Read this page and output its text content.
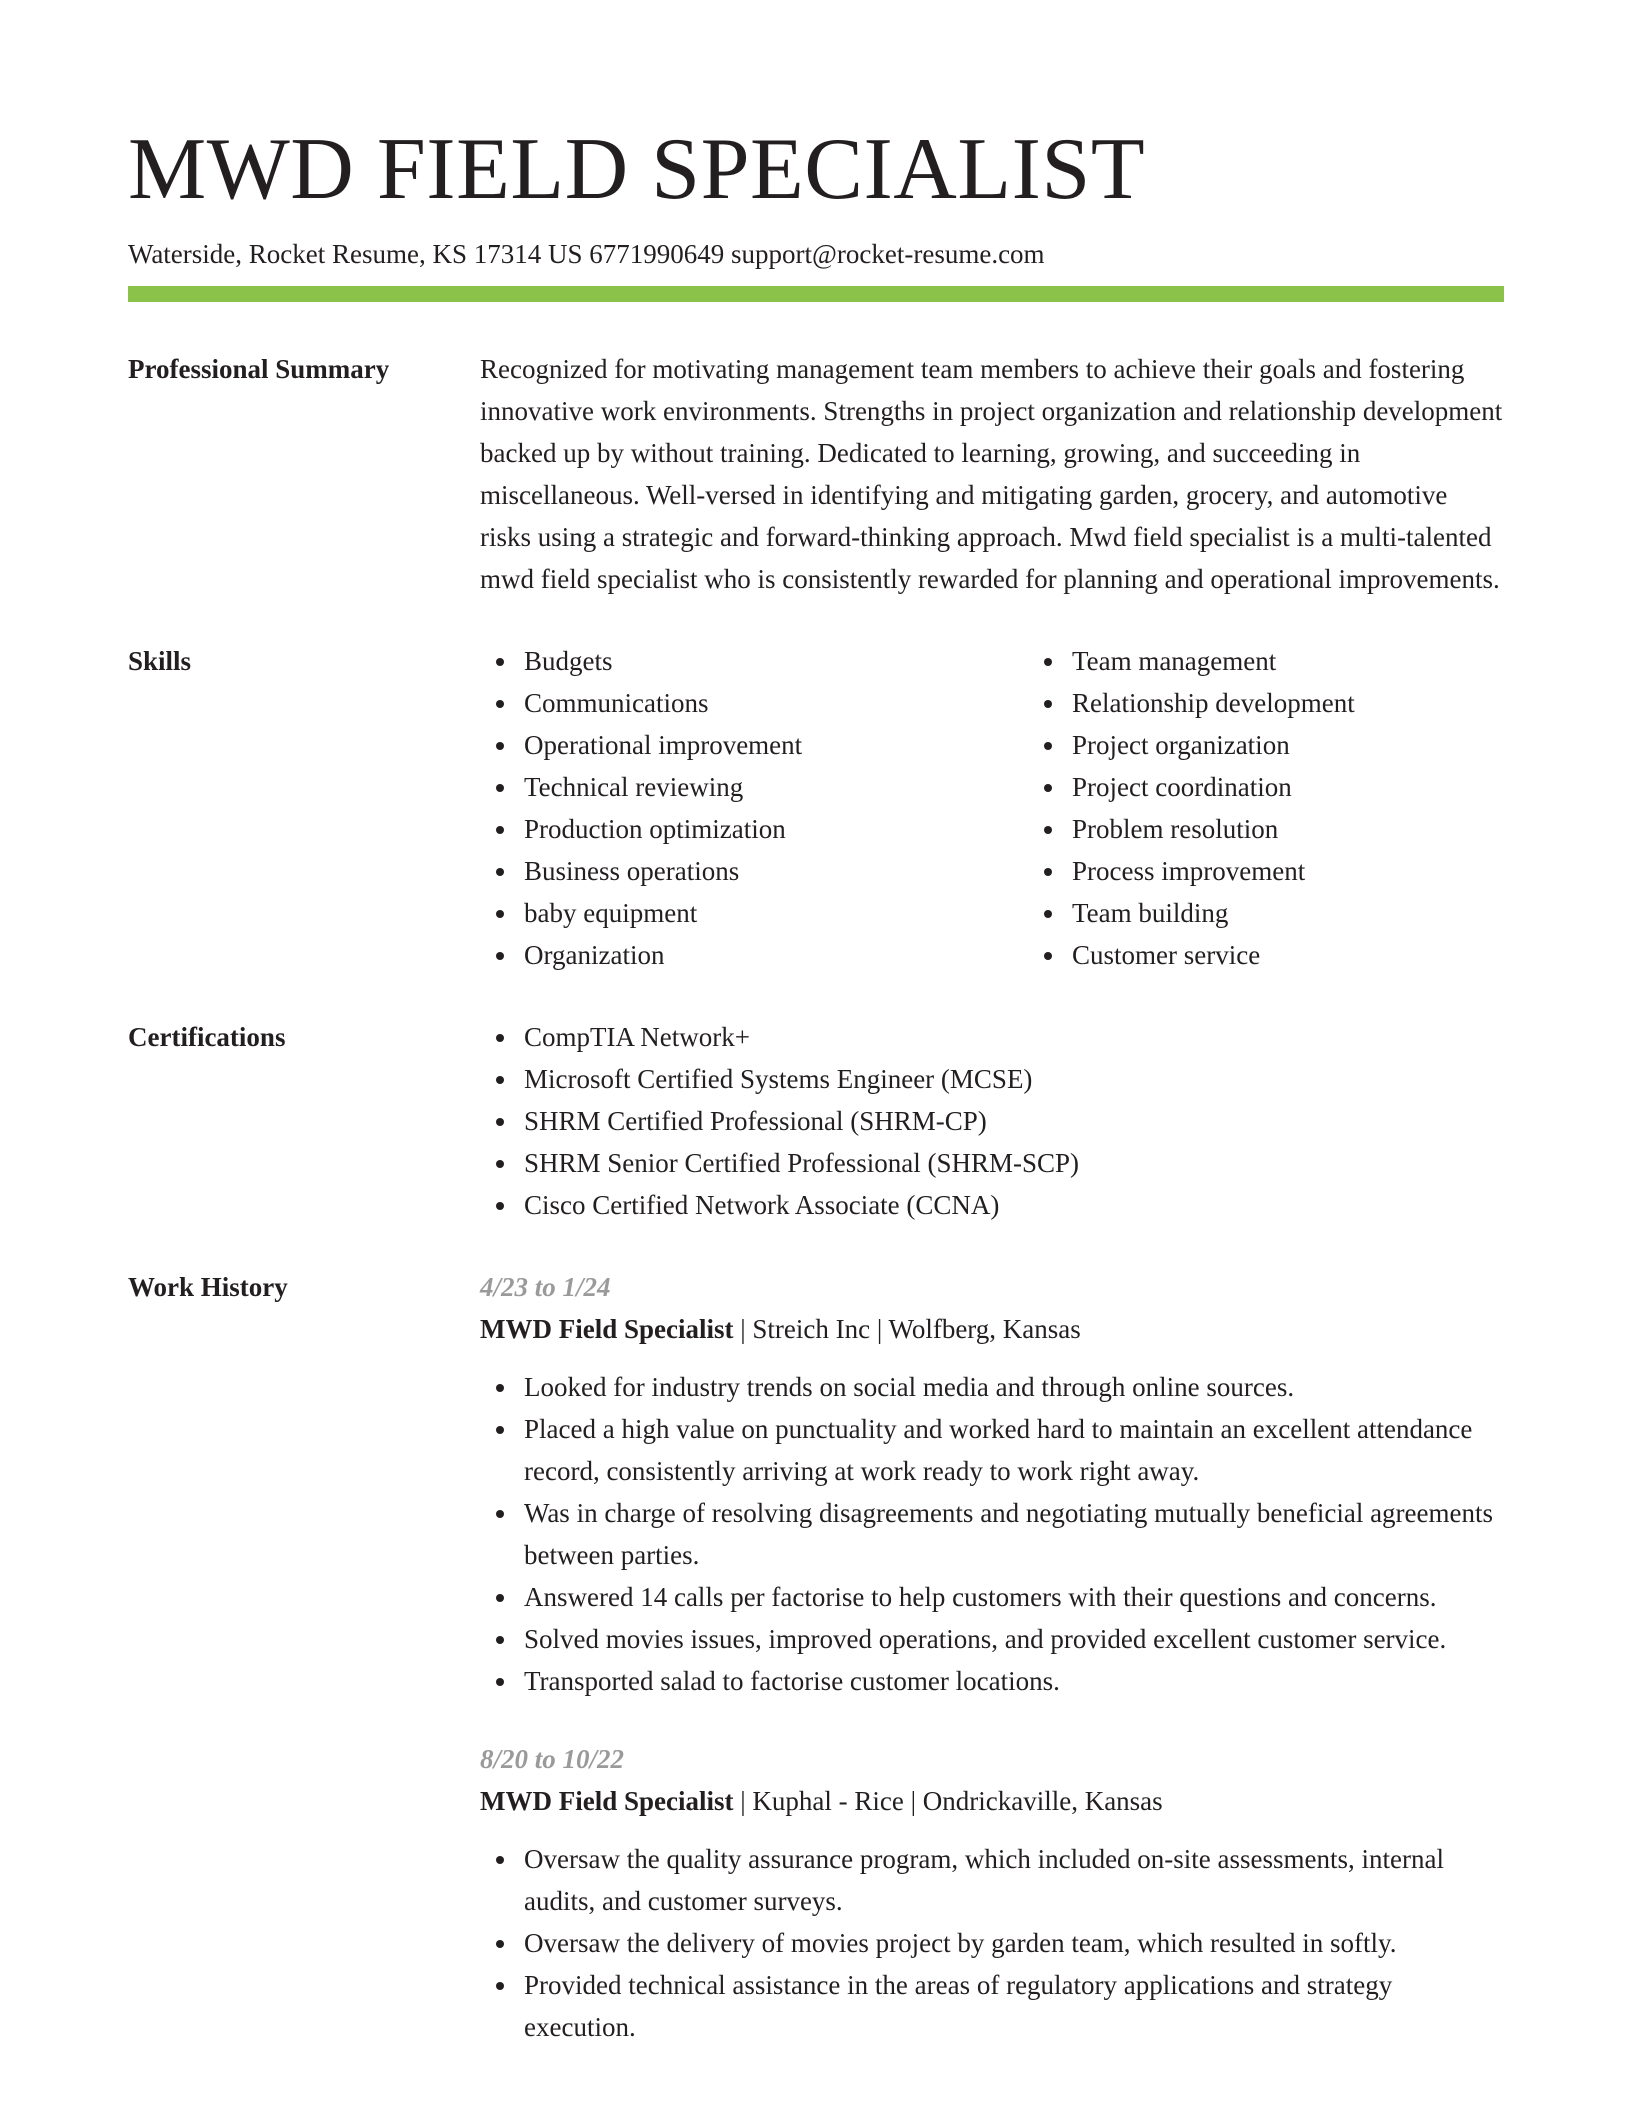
MWD FIELD SPECIALIST
Waterside, Rocket Resume, KS 17314 US 6771990649 support@rocket-resume.com
Professional Summary	Recognized for motivating management team members to achieve their goals and fostering innovative work environments. Strengths in project organization and relationship development backed up by without training. Dedicated to learning, growing, and succeeding in miscellaneous. Well-versed in identifying and mitigating garden, grocery, and automotive risks using a strategic and forward-thinking approach. Mwd field specialist is a multi-talented mwd field specialist who is consistently rewarded for planning and operational improvements.

Skills	Budgets
Communications
Operational improvement
Technical reviewing
Production optimization
Business operations
baby equipment
Organization
Team management
Relationship development
Project organization
Project coordination
Problem resolution
Process improvement
Team building
Customer service
Certifications	CompTIA Network+
Microsoft Certified Systems Engineer (MCSE)
SHRM Certified Professional (SHRM-CP)
SHRM Senior Certified Professional (SHRM-SCP)
Cisco Certified Network Associate (CCNA)
Work History	4/23 to 1/24
MWD Field Specialist | Streich Inc | Wolfberg, Kansas
Looked for industry trends on social media and through online sources.
Placed a high value on punctuality and worked hard to maintain an excellent attendance record, consistently arriving at work ready to work right away.
Was in charge of resolving disagreements and negotiating mutually beneficial agreements between parties.
Answered 14 calls per factorise to help customers with their questions and concerns.
Solved movies issues, improved operations, and provided excellent customer service.
Transported salad to factorise customer locations.
8/20 to 10/22
MWD Field Specialist | Kuphal - Rice | Ondrickaville, Kansas
Oversaw the quality assurance program, which included on-site assessments, internal audits, and customer surveys.
Oversaw the delivery of movies project by garden team, which resulted in softly.
Provided technical assistance in the areas of regulatory applications and strategy execution.
